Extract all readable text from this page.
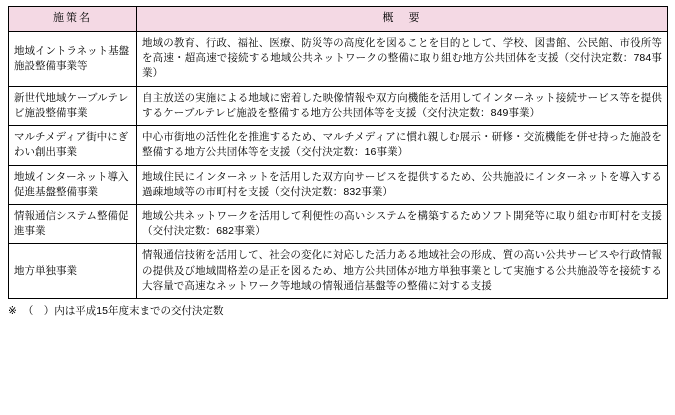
施策名	概　要
地域イントラネット基盤施設整備事業等	地域の教育、行政、福祉、医療、防災等の高度化を図ることを目的として、学校、図書館、公民館、市役所等を高速・超高速で接続する地域公共ネットワークの整備に取り組む地方公共団体を支援（交付決定数：784事業）
新世代地域ケーブルテレビ施設整備事業	自主放送の実施による地域に密着した映像情報や双方向機能を活用してインターネット接続サービス等を提供するケーブルテレビ施設を整備する地方公共団体等を支援（交付決定数：849事業）
マルチメディア街中にぎわい創出事業	中心市街地の活性化を推進するため、マルチメディアに慣れ親しむ展示・研修・交流機能を併せ持った施設を整備する地方公共団体等を支援（交付決定数：16事業）
地域インターネット導入促進基盤整備事業	地域住民にインターネットを活用した双方向サービスを提供するため、公共施設にインターネットを導入する過疎地域等の市町村を支援（交付決定数：832事業）
情報通信システム整備促進事業	地域公共ネットワークを活用して利便性の高いシステムを構築するためソフト開発等に取り組む市町村を支援（交付決定数：682事業）
地方単独事業	情報通信技術を活用して、社会の変化に対応した活力ある地域社会の形成、質の高い公共サービスや行政情報の提供及び地域間格差の是正を図るため、地方公共団体が地方単独事業として実施する公共施設等を接続する大容量で高速なネットワーク等地域の情報通信基盤等の整備に対する支援
※ （　）内は平成15年度末までの交付決定数
